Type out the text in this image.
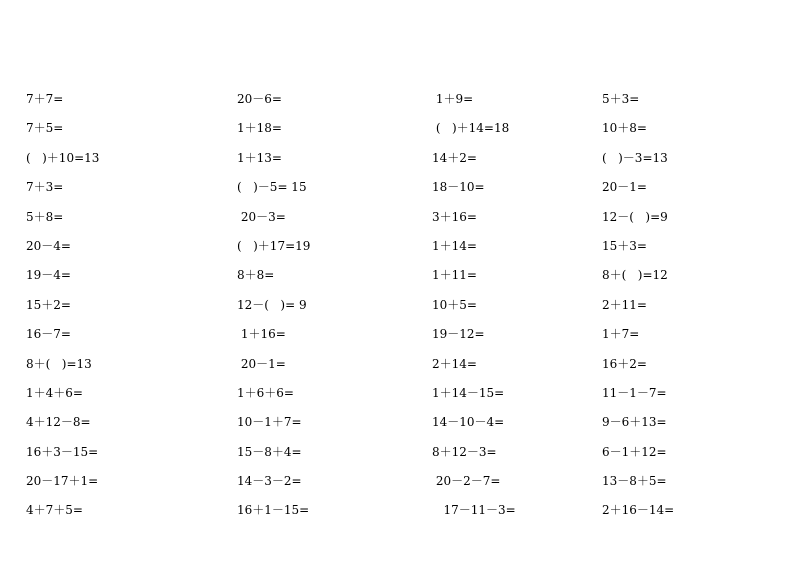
7＋7=
7＋5=
(   )＋10=13
7＋3=
5＋8=
20－4=
19－4=
15＋2=
16－7=
8＋(   )=13
1＋4＋6=
4＋12－8=
16＋3－15=
20－17＋1=
4＋7＋5=
20－6=
1＋18=
1＋13=
(   )－5= 15
20－3=
(   )＋17=19
8＋8=
12－(   )= 9
1＋16=
20－1=
1＋6＋6=
10－1＋7=
15－8＋4=
14－3－2=
16＋1－15=
1＋9=
(   )＋14=18
14＋2=
18－10=
3＋16=
1＋14=
1＋11=
10＋5=
19－12=
2＋14=
1＋14－15=
14－10－4=
8＋12－3=
20－2－7=
17－11－3=
5＋3=
10＋8=
(   )－3=13
20－1=
12－(   )=9
15＋3=
8＋(   )=12
2＋11=
1＋7=
16＋2=
11－1－7=
9－6＋13=
6－1＋12=
13－8＋5=
2＋16－14=
